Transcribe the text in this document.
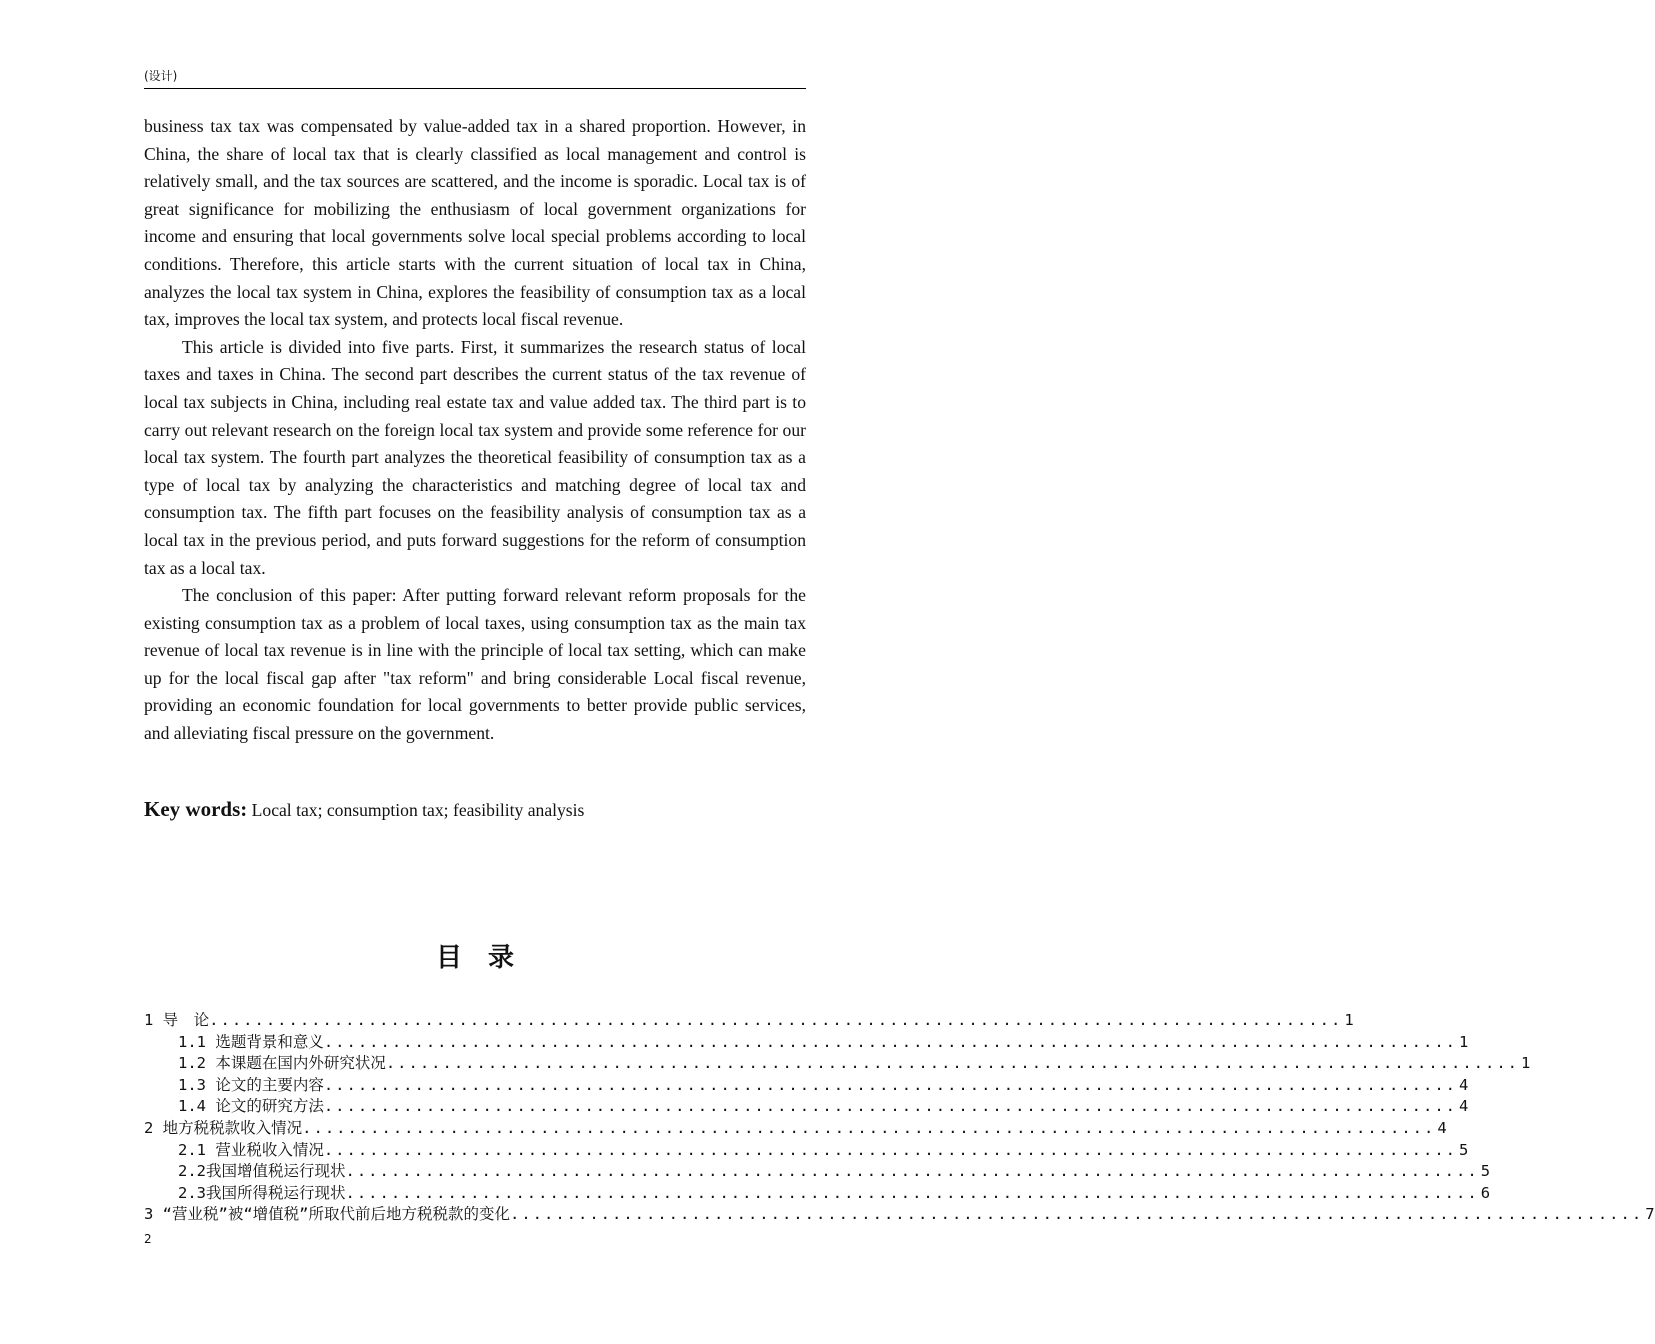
(设计)

business tax tax was compensated by value-added tax in a shared proportion. However, in China, the share of local tax that is clearly classified as local management and control is relatively small, and the tax sources are scattered, and the income is sporadic. Local tax is of great significance for mobilizing the enthusiasm of local government organizations for income and ensuring that local governments solve local special problems according to local conditions. Therefore, this article starts with the current situation of local tax in China, analyzes the local tax system in China, explores the feasibility of consumption tax as a local tax, improves the local tax system, and protects local fiscal revenue.

This article is divided into five parts. First, it summarizes the research status of local taxes and taxes in China. The second part describes the current status of the tax revenue of local tax subjects in China, including real estate tax and value added tax. The third part is to carry out relevant research on the foreign local tax system and provide some reference for our local tax system. The fourth part analyzes the theoretical feasibility of consumption tax as a type of local tax by analyzing the characteristics and matching degree of local tax and consumption tax. The fifth part focuses on the feasibility analysis of consumption tax as a local tax in the previous period, and puts forward suggestions for the reform of consumption tax as a local tax.

The conclusion of this paper: After putting forward relevant reform proposals for the existing consumption tax as a problem of local taxes, using consumption tax as the main tax revenue of local tax revenue is in line with the principle of local tax setting, which can make up for the local fiscal gap after "tax reform" and bring considerable Local fiscal revenue, providing an economic foundation for local governments to better provide public services, and alleviating fiscal pressure on the government.

Key words: Local tax; consumption tax; feasibility analysis
目录
1 导　论 .................................................................................................... 1
1.1 选题背景和意义 .................................................................................................... 1
1.2 本课题在国内外研究状况 .................................................................................................... 1
1.3 论文的主要内容 .................................................................................................... 4
1.4 论文的研究方法 .................................................................................................... 4
2 地方税税款收入情况 .................................................................................................... 4
2.1 营业税收入情况 .................................................................................................... 5
2.2我国增值税运行现状 .................................................................................................... 5
2.3我国所得税运行现状 .................................................................................................... 6
3 “营业税”被“增值税”所取代前后地方税税款的变化 .................................................................................................... 7
2
